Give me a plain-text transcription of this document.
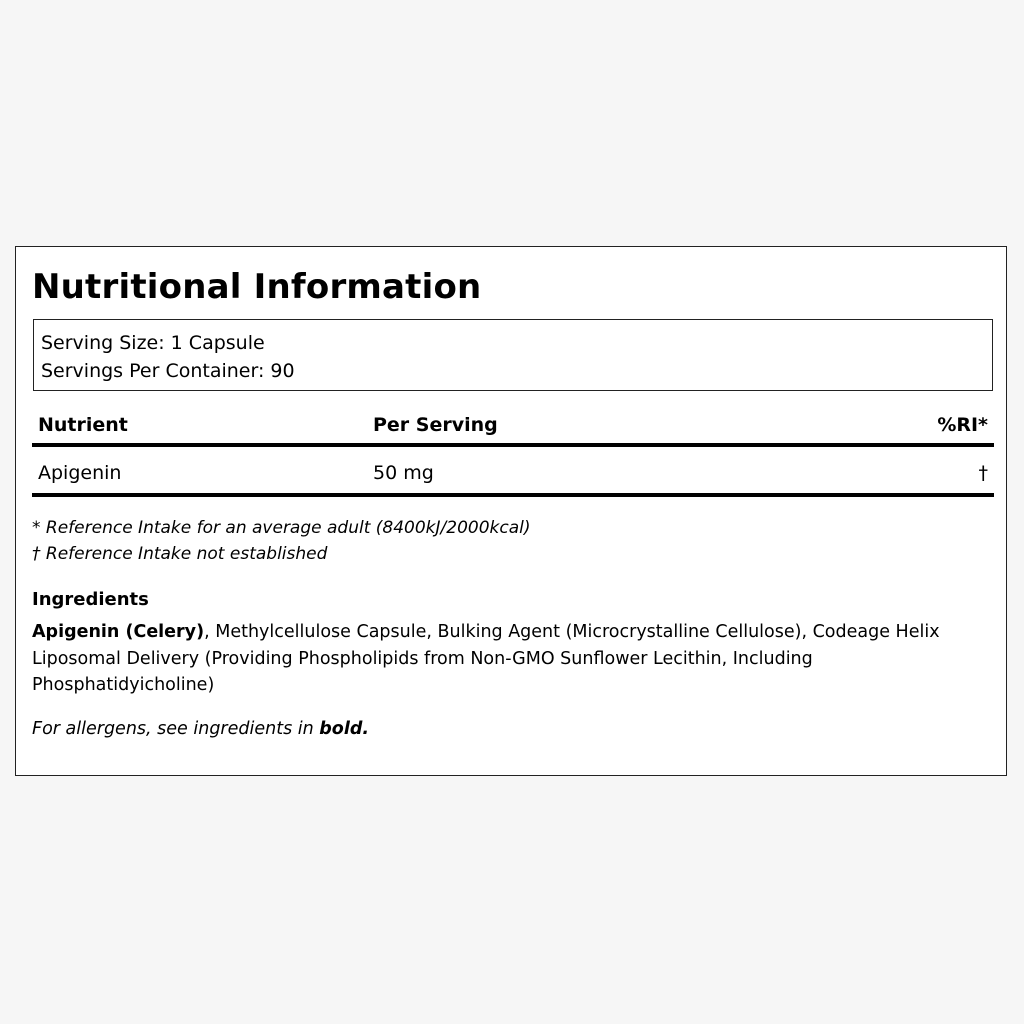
Nutritional Information
Serving Size: 1 Capsule
Servings Per Container: 90
Nutrient	Per Serving	%RI*
Apigenin	50 mg	†
* Reference Intake for an average adult (8400kJ/2000kcal)
† Reference Intake not established
Ingredients

Apigenin (Celery), Methylcellulose Capsule, Bulking Agent (Microcrystalline Cellulose), Codeage Helix Liposomal Delivery (Providing Phospholipids from Non-GMO Sunflower Lecithin, Including Phosphatidyicholine)

For allergens, see ingredients in bold.
